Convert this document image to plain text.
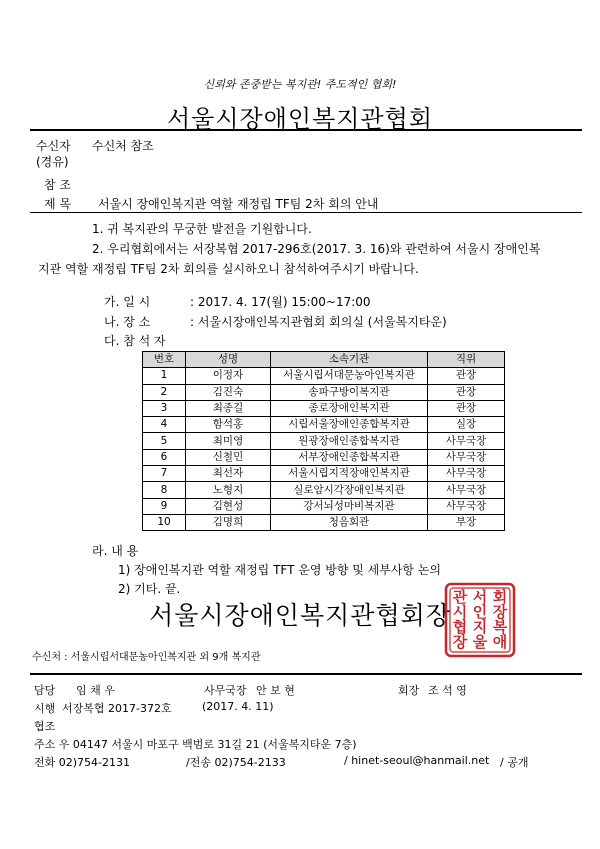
신뢰와 존중받는 복지관! 주도적인 협회!
서울시장애인복지관협회
수신자 수신처 참조
(경유)
참 조
제 목 서울시 장애인복지관 역할 재정립 TF팀 2차 회의 안내
1. 귀 복지관의 무궁한 발전을 기원합니다.
2. 우리협회에서는 서장복협 2017-296호(2017. 3. 16)와 관련하여 서울시 장애인복
지관 역할 재정립 TF팀 2차 회의를 실시하오니 참석하여주시기 바랍니다.
가. 일 시	: 2017. 4. 17(월) 15:00~17:00
나. 장 소	: 서울시장애인복지관협회 회의실 (서울복지타운)
다. 참 석 자
번호	성명	소속기관	직위
1	이정자	서울시립서대문농아인복지관	관장
2	김진숙	송파구방이복지관	관장
3	최종길	종로장애인복지관	관장
4	함석홍	시립서울장애인종합복지관	실장
5	최미영	원광장애인종합복지관	사무국장
6	신철민	서부장애인종합복지관	사무국장
7	최선자	서울시립지적장애인복지관	사무국장
8	노형지	실로암시각장애인복지관	사무국장
9	김현성	강서뇌성마비복지관	사무국장
10	김명희	청음회관	부장
라. 내 용
1) 장애인복지관 역할 재정립 TFT 운영 방향 및 세부사항 논의
2) 기타. 끝.
서울시장애인복지관협회장
회
장
복
애
서
인
지
울
관
시
협
장
수신처 : 서울시립서대문농아인복지관 외 9개 복지관
담당 임 채 우	사무국장 안 보 현	회장 조 석 영
시행 서장복협 2017-372호	(2017. 4. 11)
협조
주소 우 04147 서울시 마포구 백범로 31길 21 (서울복지타운 7층)
전화 02)754-2131	/전송 02)754-2133	/ hinet-seoul@hanmail.net / 공개
